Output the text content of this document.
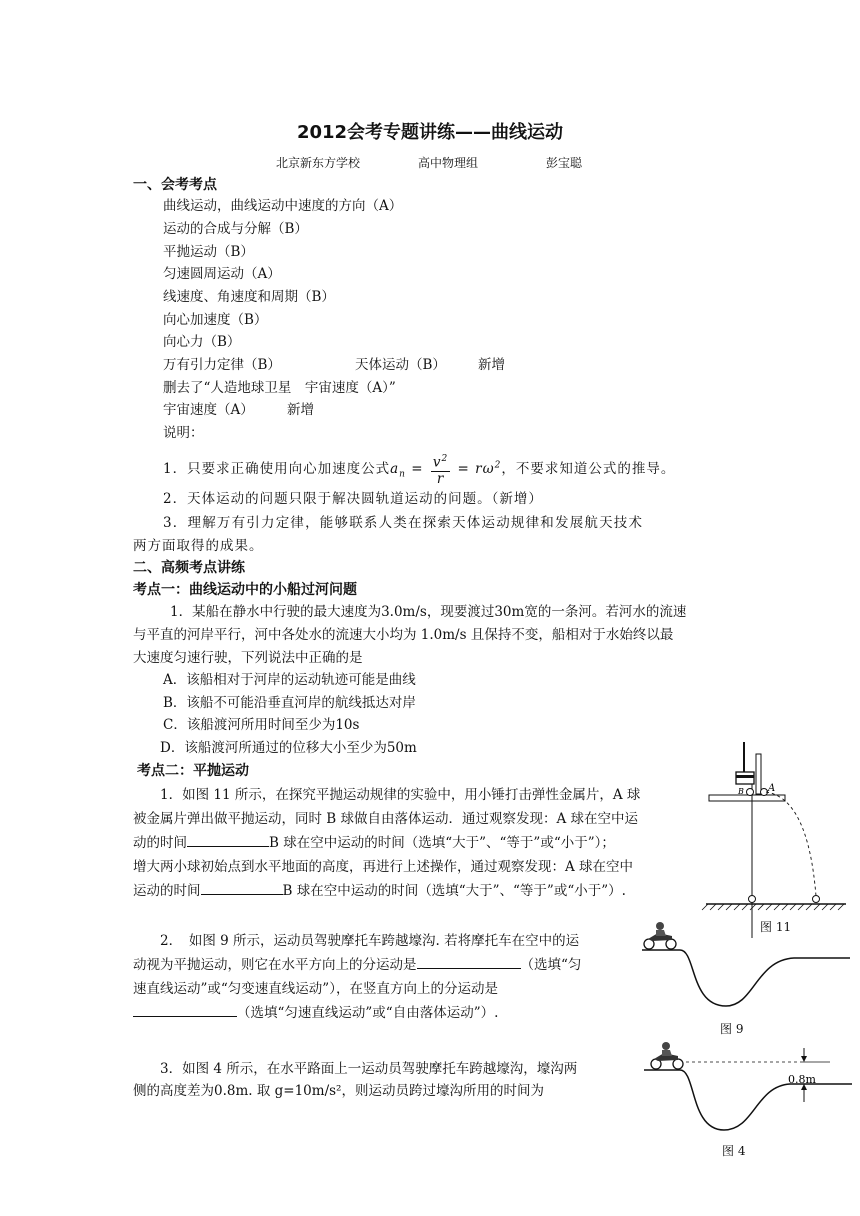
2012会考专题讲练——曲线运动
北京新东方学校	高中物理组	彭宝聪
一、会考考点
曲线运动，曲线运动中速度的方向（A）
运动的合成与分解（B）
平抛运动（B）
匀速圆周运动（A）
线速度、角速度和周期（B）
向心加速度（B）
向心力（B）
万有引力定律（B）	天体运动（B） 新增
删去了“人造地球卫星　宇宙速度（A）”
宇宙速度（A） 新增
说明：
1．只要求正确使用向心加速度公式$a_n = \frac{v^2}{r} = r\omega^2$，不要求知道公式的推导。
2．天体运动的问题只限于解决圆轨道运动的问题。（新增）
3．理解万有引力定律，能够联系人类在探索天体运动规律和发展航天技术
两方面取得的成果。
二、高频考点讲练
考点一：曲线运动中的小船过河问题
1．某船在静水中行驶的最大速度为3.0m/s，现要渡过30m宽的一条河。若河水的流速
与平直的河岸平行，河中各处水的流速大小均为 1.0m/s 且保持不变，船相对于水始终以最
大速度匀速行驶，下列说法中正确的是
A．该船相对于河岸的运动轨迹可能是曲线
B．该船不可能沿垂直河岸的航线抵达对岸
C．该船渡河所用时间至少为10s
D．该船渡河所通过的位移大小至少为50m
考点二：平抛运动
1．如图 11 所示，在探究平抛运动规律的实验中，用小锤打击弹性金属片，A 球
被金属片弹出做平抛运动，同时 B 球做自由落体运动．通过观察发现：A 球在空中运
动的时间	B 球在空中运动的时间（选填“大于”、“等于”或“小于”）；
增大两小球初始点到水平地面的高度，再进行上述操作，通过观察发现：A 球在空中
运动的时间	B 球在空中运动的时间（选填“大于”、“等于”或“小于”）.
2．　如图 9 所示，运动员驾驶摩托车跨越壕沟. 若将摩托车在空中的运
动视为平抛运动，则它在水平方向上的分运动是	（选填“匀
速直线运动”或“匀变速直线运动”），在竖直方向上的分运动是
（选填“匀速直线运动”或“自由落体运动”）.
3．如图 4 所示，在水平路面上一运动员驾驶摩托车跨越壕沟，壕沟两
侧的高度差为0.8m. 取 g=10m/s²，则运动员跨过壕沟所用的时间为
A
B
图 11
图 9
0.8m
图 4
